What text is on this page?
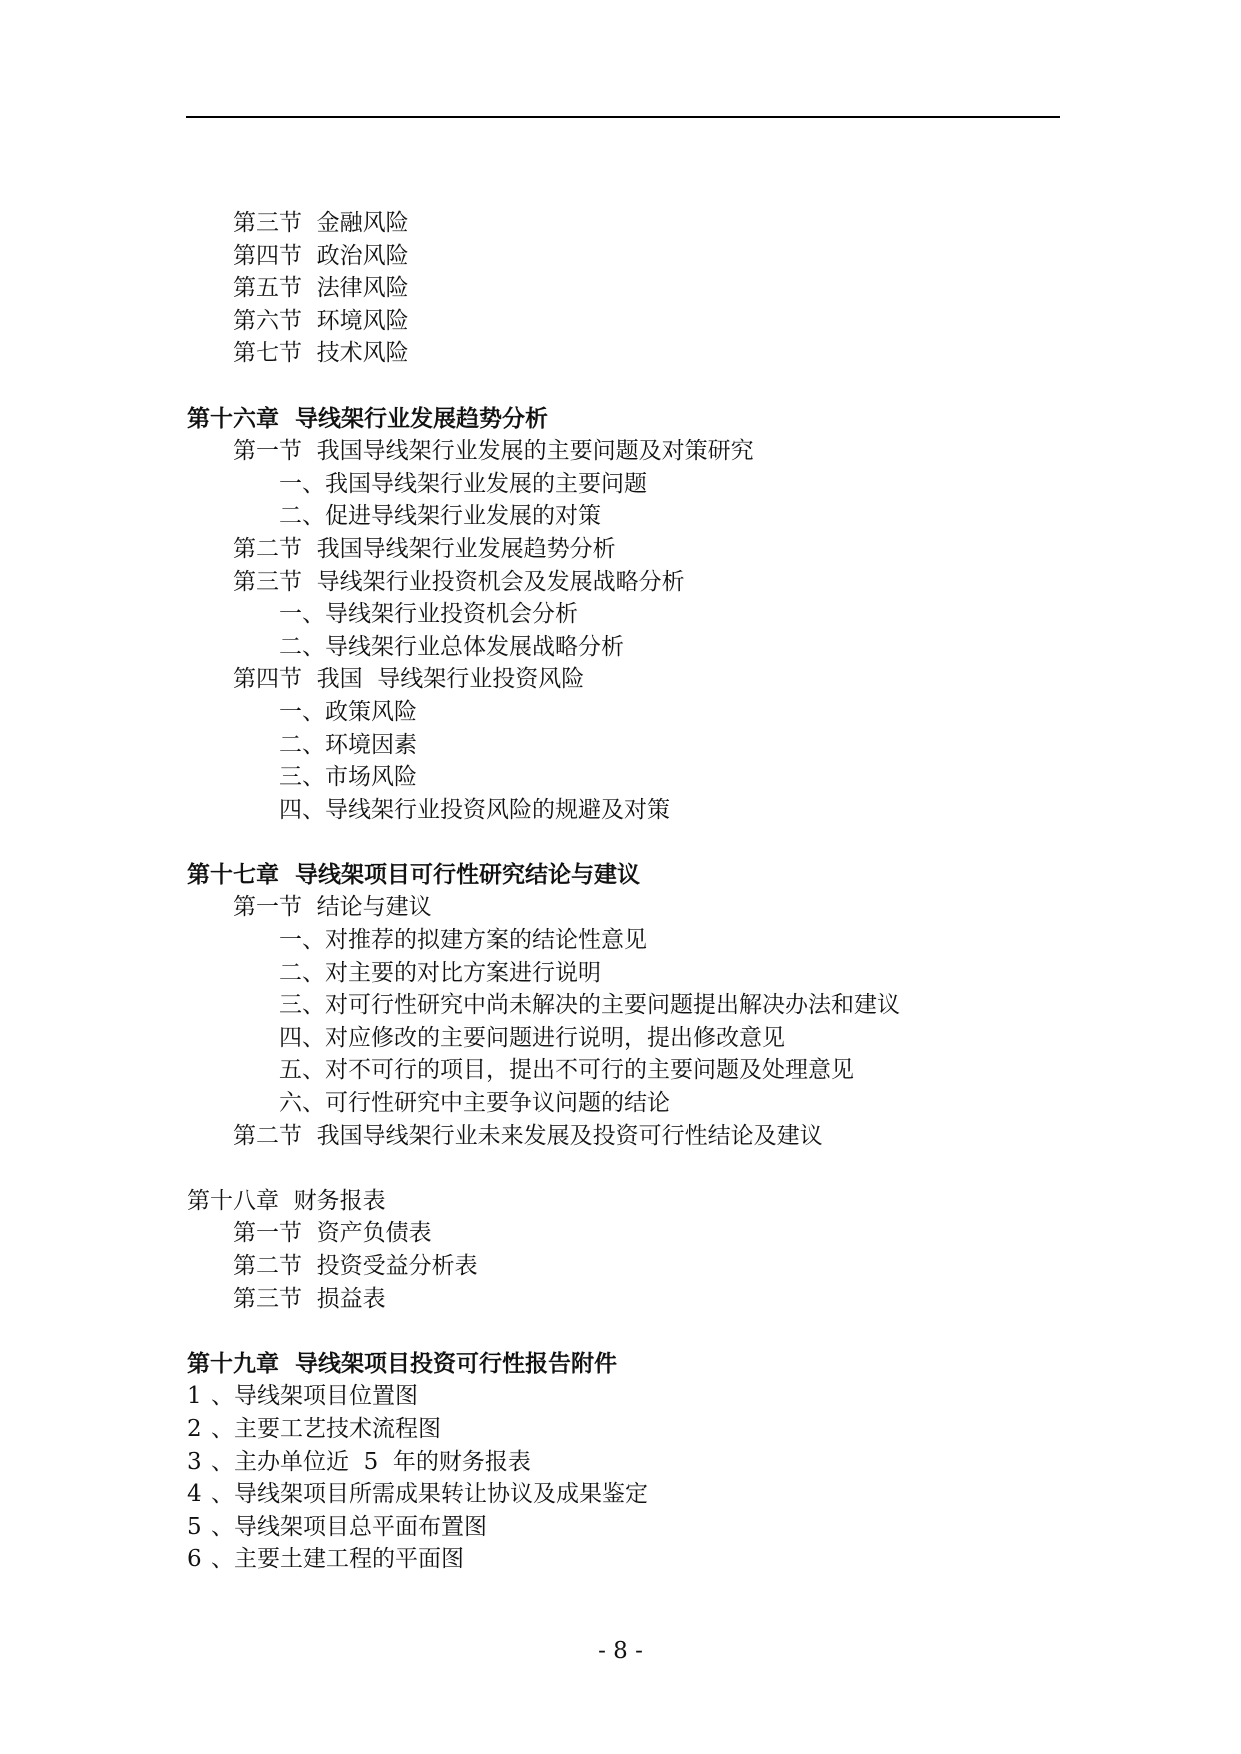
第三节  金融风险
第四节  政治风险
第五节  法律风险
第六节  环境风险
第七节  技术风险
第十六章  导线架行业发展趋势分析
第一节  我国导线架行业发展的主要问题及对策研究
一、我国导线架行业发展的主要问题
二、促进导线架行业发展的对策
第二节  我国导线架行业发展趋势分析
第三节  导线架行业投资机会及发展战略分析
一、导线架行业投资机会分析
二、导线架行业总体发展战略分析
第四节  我国  导线架行业投资风险
一、政策风险
二、环境因素
三、市场风险
四、导线架行业投资风险的规避及对策
第十七章  导线架项目可行性研究结论与建议
第一节  结论与建议
一、对推荐的拟建方案的结论性意见
二、对主要的对比方案进行说明
三、对可行性研究中尚未解决的主要问题提出解决办法和建议
四、对应修改的主要问题进行说明，提出修改意见
五、对不可行的项目，提出不可行的主要问题及处理意见
六、可行性研究中主要争议问题的结论
第二节  我国导线架行业未来发展及投资可行性结论及建议
第十八章  财务报表
第一节  资产负债表
第二节  投资受益分析表
第三节  损益表
第十九章  导线架项目投资可行性报告附件
1 、导线架项目位置图
2 、主要工艺技术流程图
3 、主办单位近  5  年的财务报表
4 、导线架项目所需成果转让协议及成果鉴定
5 、导线架项目总平面布置图
6 、主要土建工程的平面图
- 8 -
